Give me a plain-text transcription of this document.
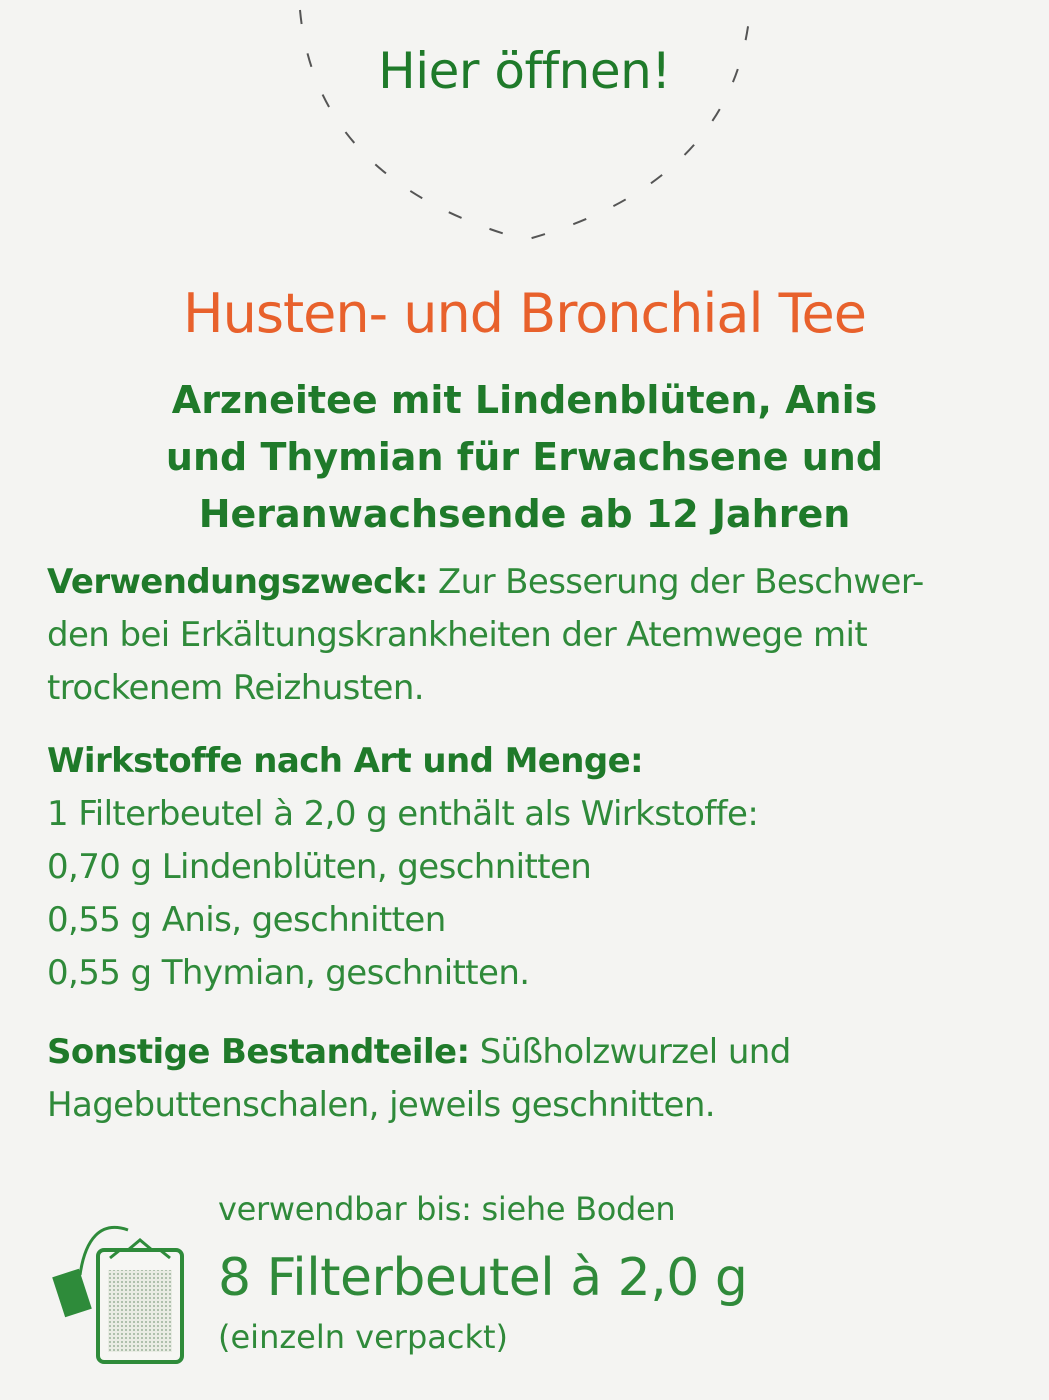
Hier öffnen!
Husten- und Bronchial Tee
Arzneitee mit Lindenblüten, Anis
und Thymian für Erwachsene und
Heranwachsende ab 12 Jahren
Verwendungszweck: Zur Besserung der Beschwer-
den bei Erkältungskrankheiten der Atemwege mit
trockenem Reizhusten.
Wirkstoffe nach Art und Menge:
1 Filterbeutel à 2,0 g enthält als Wirkstoffe:
0,70 g Lindenblüten, geschnitten
0,55 g Anis, geschnitten
0,55 g Thymian, geschnitten.
Sonstige Bestandteile: Süßholzwurzel und
Hagebuttenschalen, jeweils geschnitten.
verwendbar bis: siehe Boden
8 Filterbeutel à 2,0 g
(einzeln verpackt)
